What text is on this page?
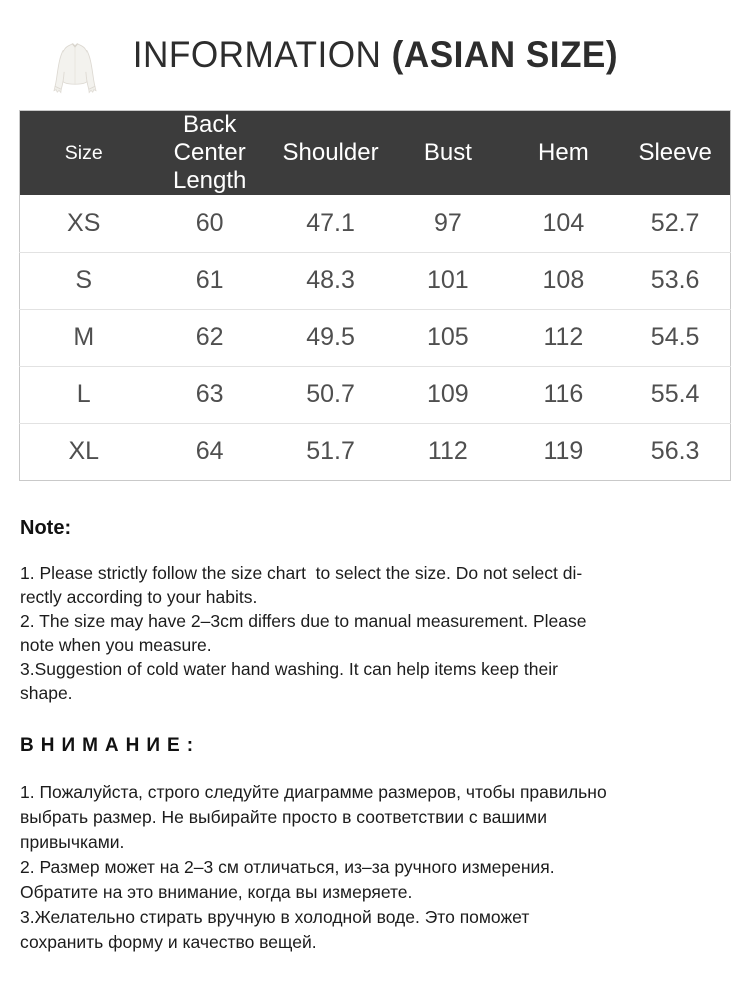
INFORMATION (ASIAN SIZE)
Size	Back Center Length	Shoulder	Bust	Hem	Sleeve
XS	60	47.1	97	104	52.7
S	61	48.3	101	108	53.6
M	62	49.5	105	112	54.5
L	63	50.7	109	116	55.4
XL	64	51.7	112	119	56.3
Note:
1. Please strictly follow the size chart  to select the size. Do not select di-
rectly according to your habits.
2. The size may have 2–3cm differs due to manual measurement. Please
note when you measure.
3.Suggestion of cold water hand washing. It can help items keep their
shape.
ВНИМАНИЕ:
1. Пожалуйста, строго следуйте диаграмме размеров, чтобы правильно
выбрать размер. Не выбирайте просто в соответствии с вашими
привычками.
2. Размер может на 2–3 см отличаться, из–за ручного измерения.
Обратите на это внимание, когда вы измеряете.
3.Желательно стирать вручную в холодной воде. Это поможет
сохранить форму и качество вещей.
